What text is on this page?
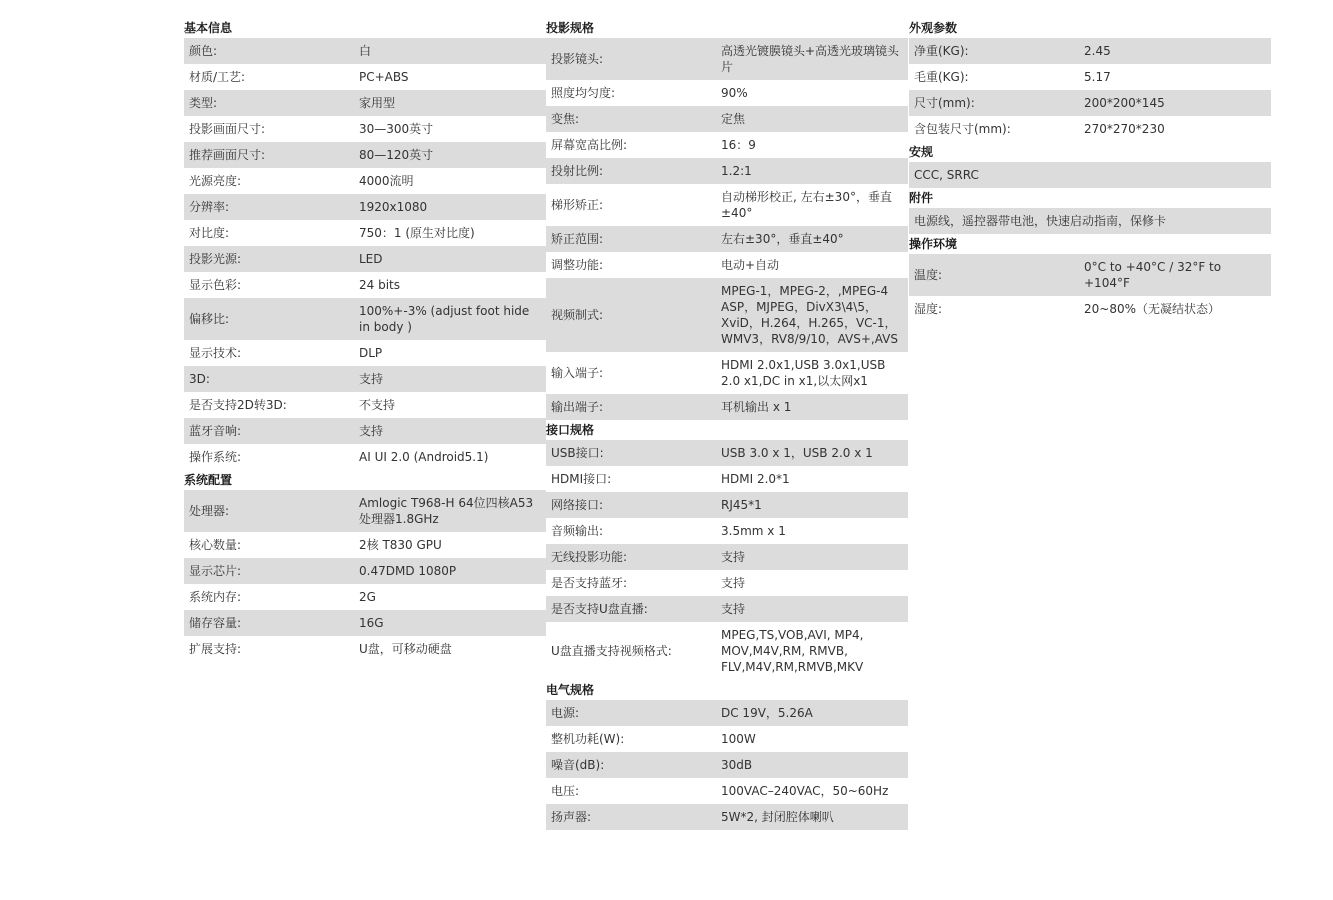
基本信息
颜色:	白
材质/工艺:	PC+ABS
类型:	家用型
投影画面尺寸:	30—300英寸
推荐画面尺寸:	80—120英寸
光源亮度:	4000流明
分辨率:	1920x1080
对比度:	750：1 (原生对比度)
投影光源:	LED
显示色彩:	24 bits
偏移比:
100%+-3% (adjust foot hide in body )
显示技术:	DLP
3D:	支持
是否支持2D转3D:	不支持
蓝牙音响:	支持
操作系统:	AI UI 2.0 (Android5.1)
系统配置
处理器:
Amlogic T968-H 64位四核A53处理器1.8GHz
核心数量:	2核 T830 GPU
显示芯片:	0.47DMD 1080P
系统内存:	2G
储存容量:	16G
扩展支持:	U盘，可移动硬盘
投影规格
投影镜头:
高透光镀膜镜头+高透光玻璃镜头片
照度均匀度:	90%
变焦:	定焦
屏幕宽高比例:	16：9
投射比例:	1.2:1
梯形矫正:
自动梯形校正, 左右±30°，垂直±40°
矫正范围:	左右±30°，垂直±40°
调整功能:	电动+自动
视频制式:
MPEG-1，MPEG-2，,MPEG-4 ASP，MJPEG，DivX3\4\5，XviD，H.264，H.265，VC-1，WMV3，RV8/9/10，AVS+,AVS
输入端子:
HDMI 2.0x1,USB 3.0x1,USB 2.0 x1,DC in x1,以太网x1
输出端子:	耳机输出 x 1
接口规格
USB接口:	USB 3.0 x 1，USB 2.0 x 1
HDMI接口:	HDMI 2.0*1
网络接口:	RJ45*1
音频输出:	3.5mm x 1
无线投影功能:	支持
是否支持蓝牙:	支持
是否支持U盘直播:	支持
U盘直播支持视频格式:
MPEG,TS,VOB,AVI, MP4, MOV,M4V,RM, RMVB, FLV,M4V,RM,RMVB,MKV
电气规格
电源:	DC 19V，5.26A
整机功耗(W):	100W
噪音(dB):	30dB
电压:	100VAC–240VAC，50~60Hz
扬声器:	5W*2, 封闭腔体喇叭
外观参数
净重(KG):	2.45
毛重(KG):	5.17
尺寸(mm):	200*200*145
含包装尺寸(mm):	270*270*230
安规
CCC, SRRC
附件
电源线，遥控器带电池，快速启动指南，保修卡
操作环境
温度:
0°C to +40°C / 32°F to +104°F
湿度:	20~80%（无凝结状态）
